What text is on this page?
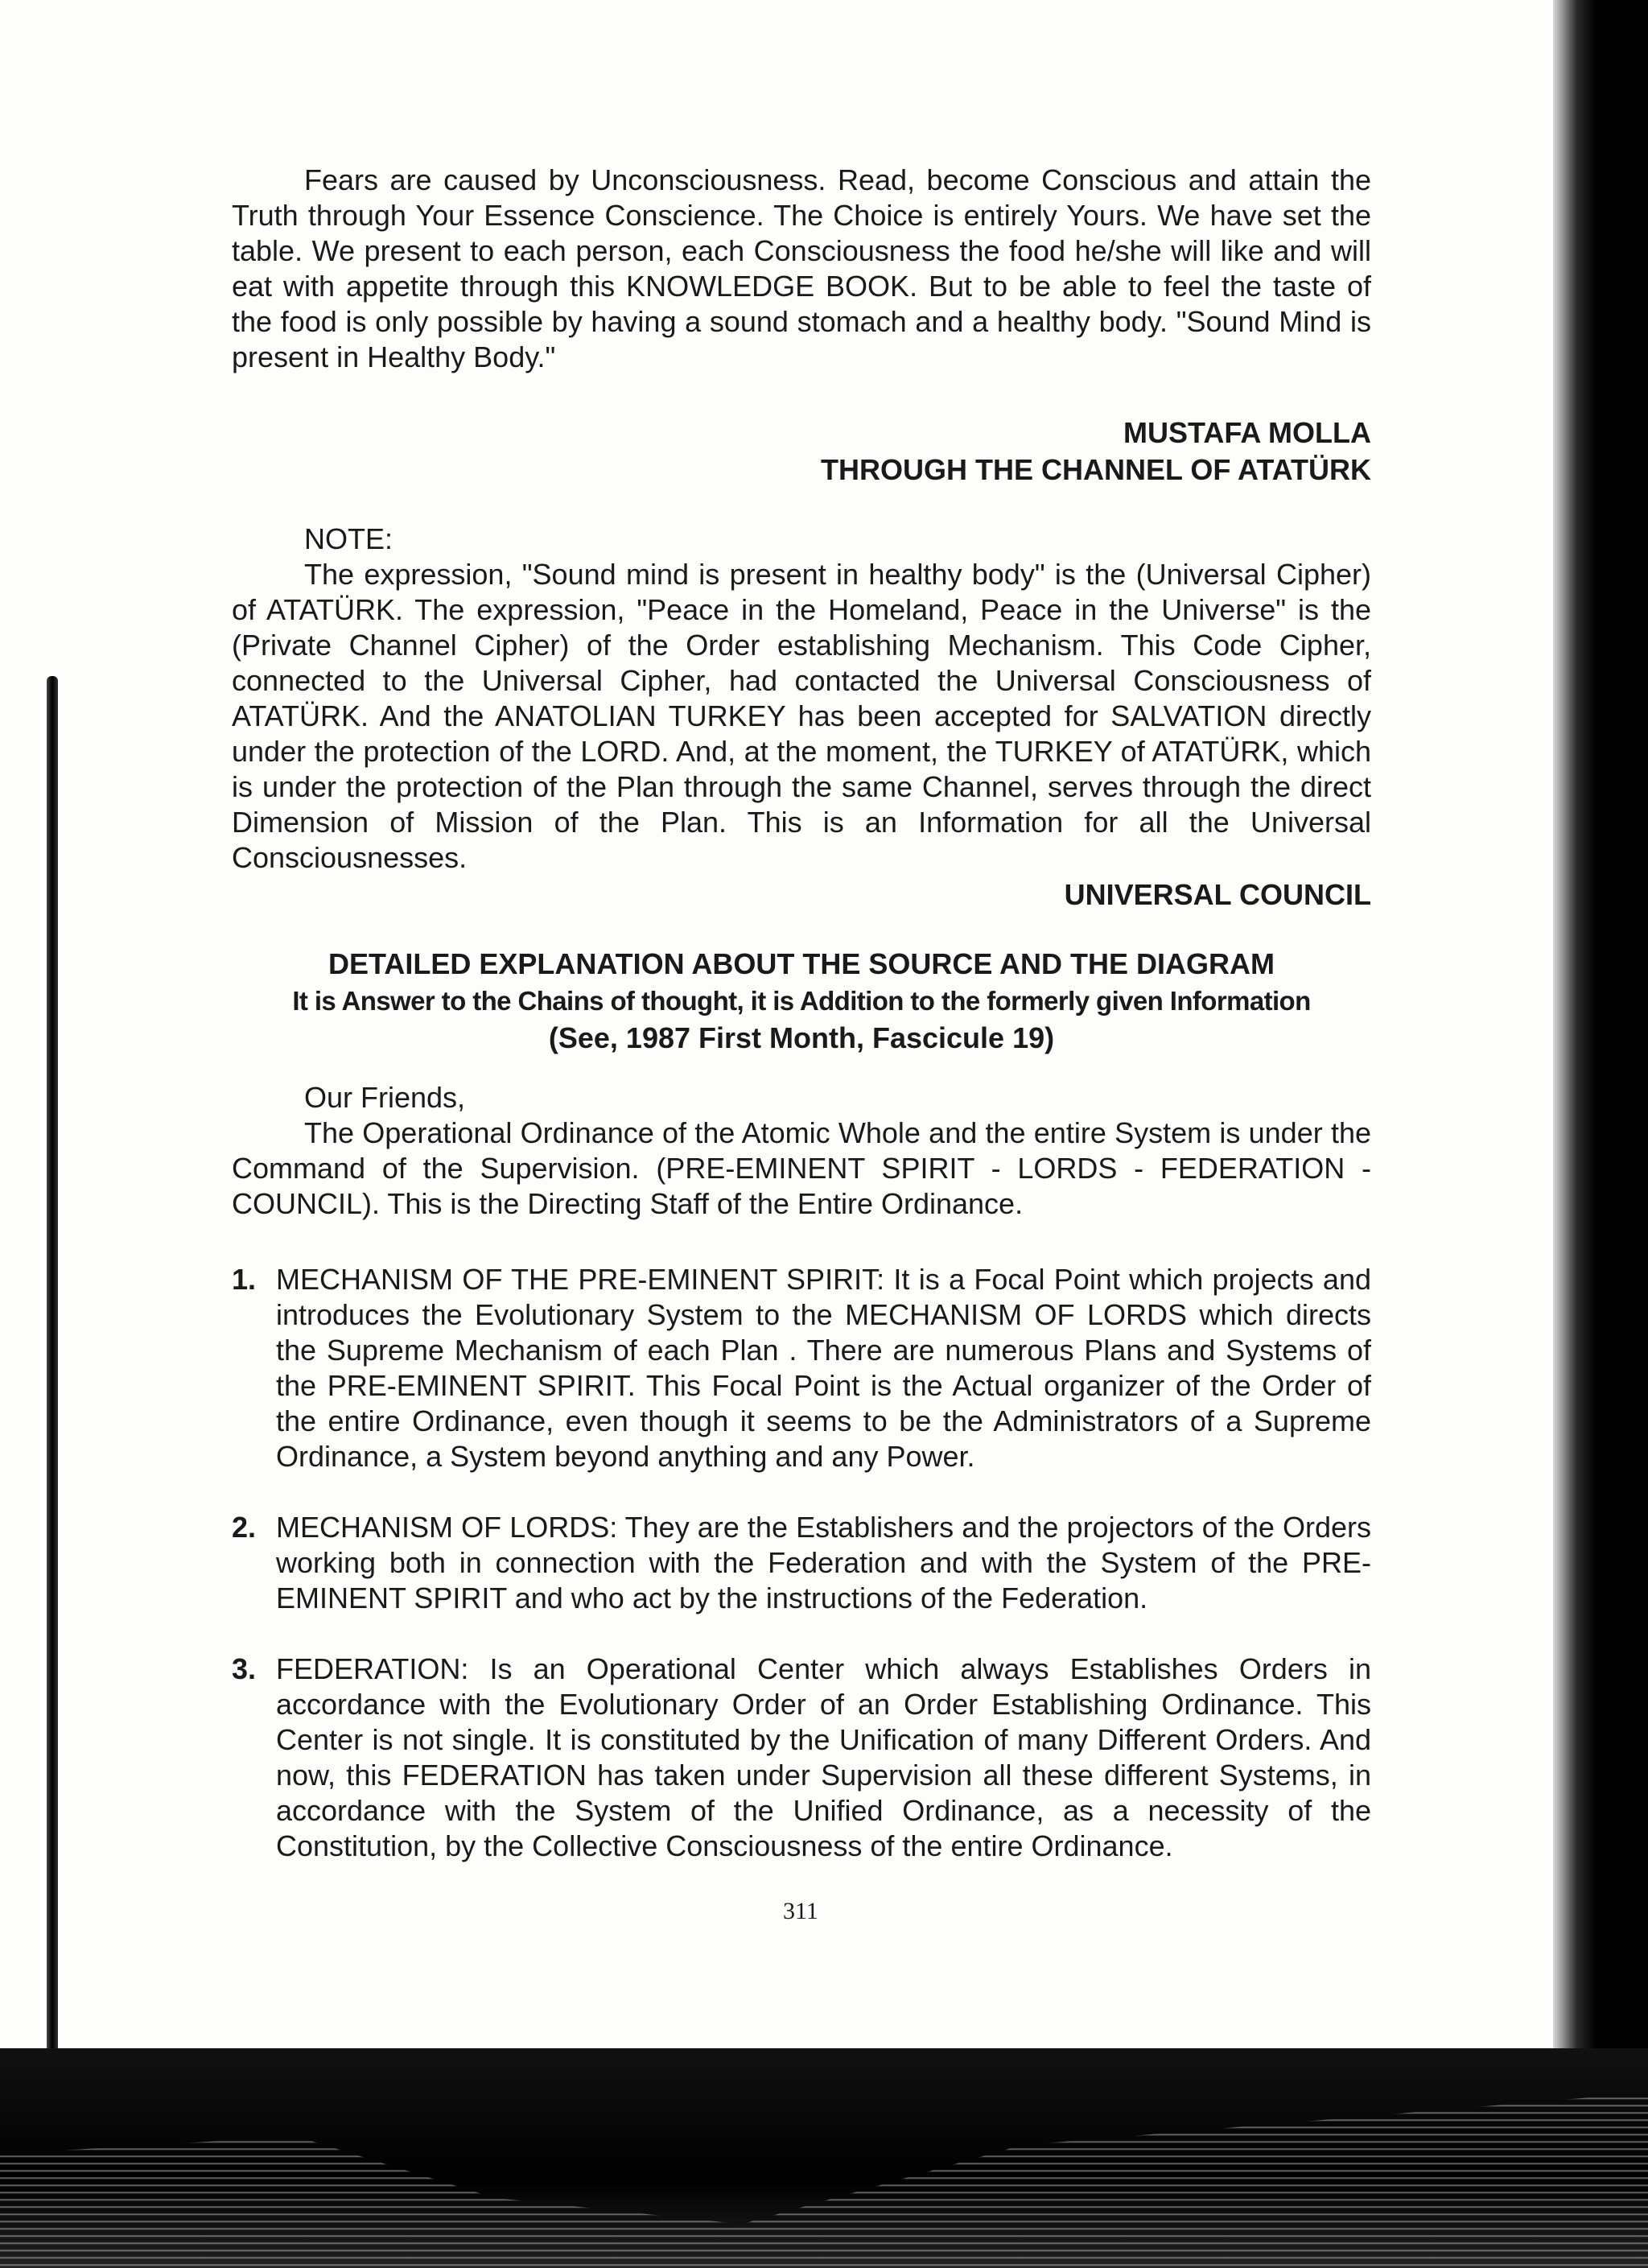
Fears are caused by Unconsciousness. Read, become Conscious and attain the Truth through Your Essence Conscience. The Choice is entirely Yours. We have set the table. We present to each person, each Consciousness the food he/she will like and will eat with appetite through this KNOWLEDGE BOOK. But to be able to feel the taste of the food is only possible by having a sound stomach and a healthy body. "Sound Mind is present in Healthy Body."

MUSTAFA MOLLA
THROUGH THE CHANNEL OF ATATÜRK

NOTE:

The expression, "Sound mind is present in healthy body" is the (Universal Cipher) of ATATÜRK. The expression, "Peace in the Homeland, Peace in the Universe" is the (Private Channel Cipher) of the Order establishing Mechanism. This Code Cipher, connected to the Universal Cipher, had contacted the Universal Consciousness of ATATÜRK. And the ANATOLIAN TURKEY has been accepted for SALVATION directly under the protection of the LORD. And, at the moment, the TURKEY of ATATÜRK, which is under the protection of the Plan through the same Channel, serves through the direct Dimension of Mission of the Plan. This is an Information for all the Universal Consciousnesses.

UNIVERSAL COUNCIL
DETAILED EXPLANATION ABOUT THE SOURCE AND THE DIAGRAM
It is Answer to the Chains of thought, it is Addition to the formerly given Information
(See, 1987 First Month, Fascicule 19)

Our Friends,

The Operational Ordinance of the Atomic Whole and the entire System is under the Command of the Supervision. (PRE-EMINENT SPIRIT - LORDS - FEDERATION - COUNCIL). This is the Directing Staff of the Entire Ordinance.

1. MECHANISM OF THE PRE-EMINENT SPIRIT: It is a Focal Point which projects and introduces the Evolutionary System to the MECHANISM OF LORDS which directs the Supreme Mechanism of each Plan . There are numerous Plans and Systems of the PRE-EMINENT SPIRIT. This Focal Point is the Actual organizer of the Order of the entire Ordinance, even though it seems to be the Administrators of a Supreme Ordinance, a System beyond anything and any Power.
2. MECHANISM OF LORDS: They are the Establishers and the projectors of the Orders working both in connection with the Federation and with the System of the PRE-EMINENT SPIRIT and who act by the instructions of the Federation.
3. FEDERATION: Is an Operational Center which always Establishes Orders in accordance with the Evolutionary Order of an Order Establishing Ordinance. This Center is not single. It is constituted by the Unification of many Different Orders. And now, this FEDERATION has taken under Supervision all these different Systems, in accordance with the System of the Unified Ordinance, as a necessity of the Constitution, by the Collective Consciousness of the entire Ordinance.
311
